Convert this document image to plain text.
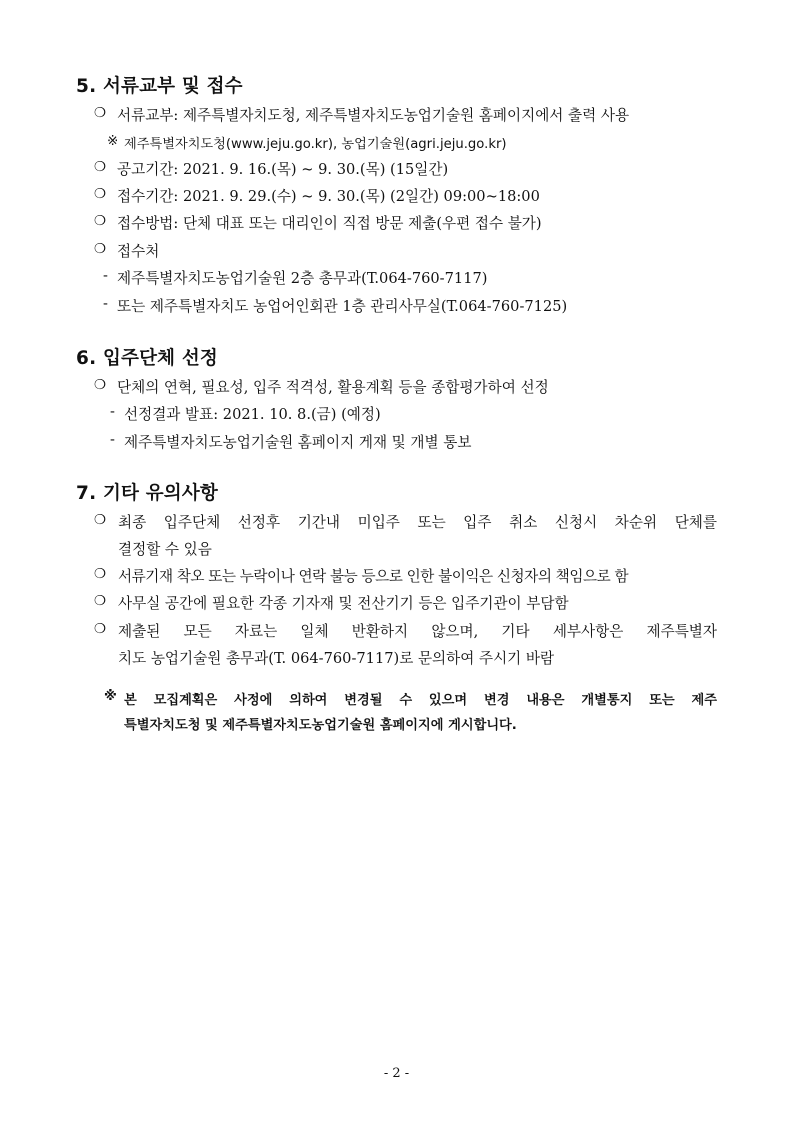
5. 서류교부 및 접수
❍ 서류교부: 제주특별자치도청, 제주특별자치도농업기술원 홈페이지에서 출력 사용
※ 제주특별자치도청(www.jeju.go.kr), 농업기술원(agri.jeju.go.kr)
❍ 공고기간: 2021. 9. 16.(목) ~ 9. 30.(목) (15일간)
❍ 접수기간: 2021. 9. 29.(수) ~ 9. 30.(목) (2일간) 09:00~18:00
❍ 접수방법: 단체 대표 또는 대리인이 직접 방문 제출(우편 접수 불가)
❍ 접수처
- 제주특별자치도농업기술원 2층 총무과(T.064-760-7117)
- 또는 제주특별자치도 농업어인회관 1층 관리사무실(T.064-760-7125)
6. 입주단체 선정
❍ 단체의 연혁, 필요성, 입주 적격성, 활용계획 등을 종합평가하여 선정
- 선정결과 발표: 2021. 10. 8.(금) (예정)
- 제주특별자치도농업기술원 홈페이지 게재 및 개별 통보
7. 기타 유의사항
❍ 최종 입주단체 선정후 기간내 미입주 또는 입주 취소 신청시 차순위 단체를
결정할 수 있음
❍ 서류기재 착오 또는 누락이나 연락 불능 등으로 인한 불이익은 신청자의 책임으로 함
❍ 사무실 공간에 필요한 각종 기자재 및 전산기기 등은 입주기관이 부담함
❍ 제출된 모든 자료는 일체 반환하지 않으며, 기타 세부사항은 제주특별자
치도 농업기술원 총무과(T. 064-760-7117)로 문의하여 주시기 바람
※ 본 모집계획은 사정에 의하여 변경될 수 있으며 변경 내용은 개별통지 또는 제주
특별자치도청 및 제주특별자치도농업기술원 홈페이지에 게시합니다.
- 2 -
